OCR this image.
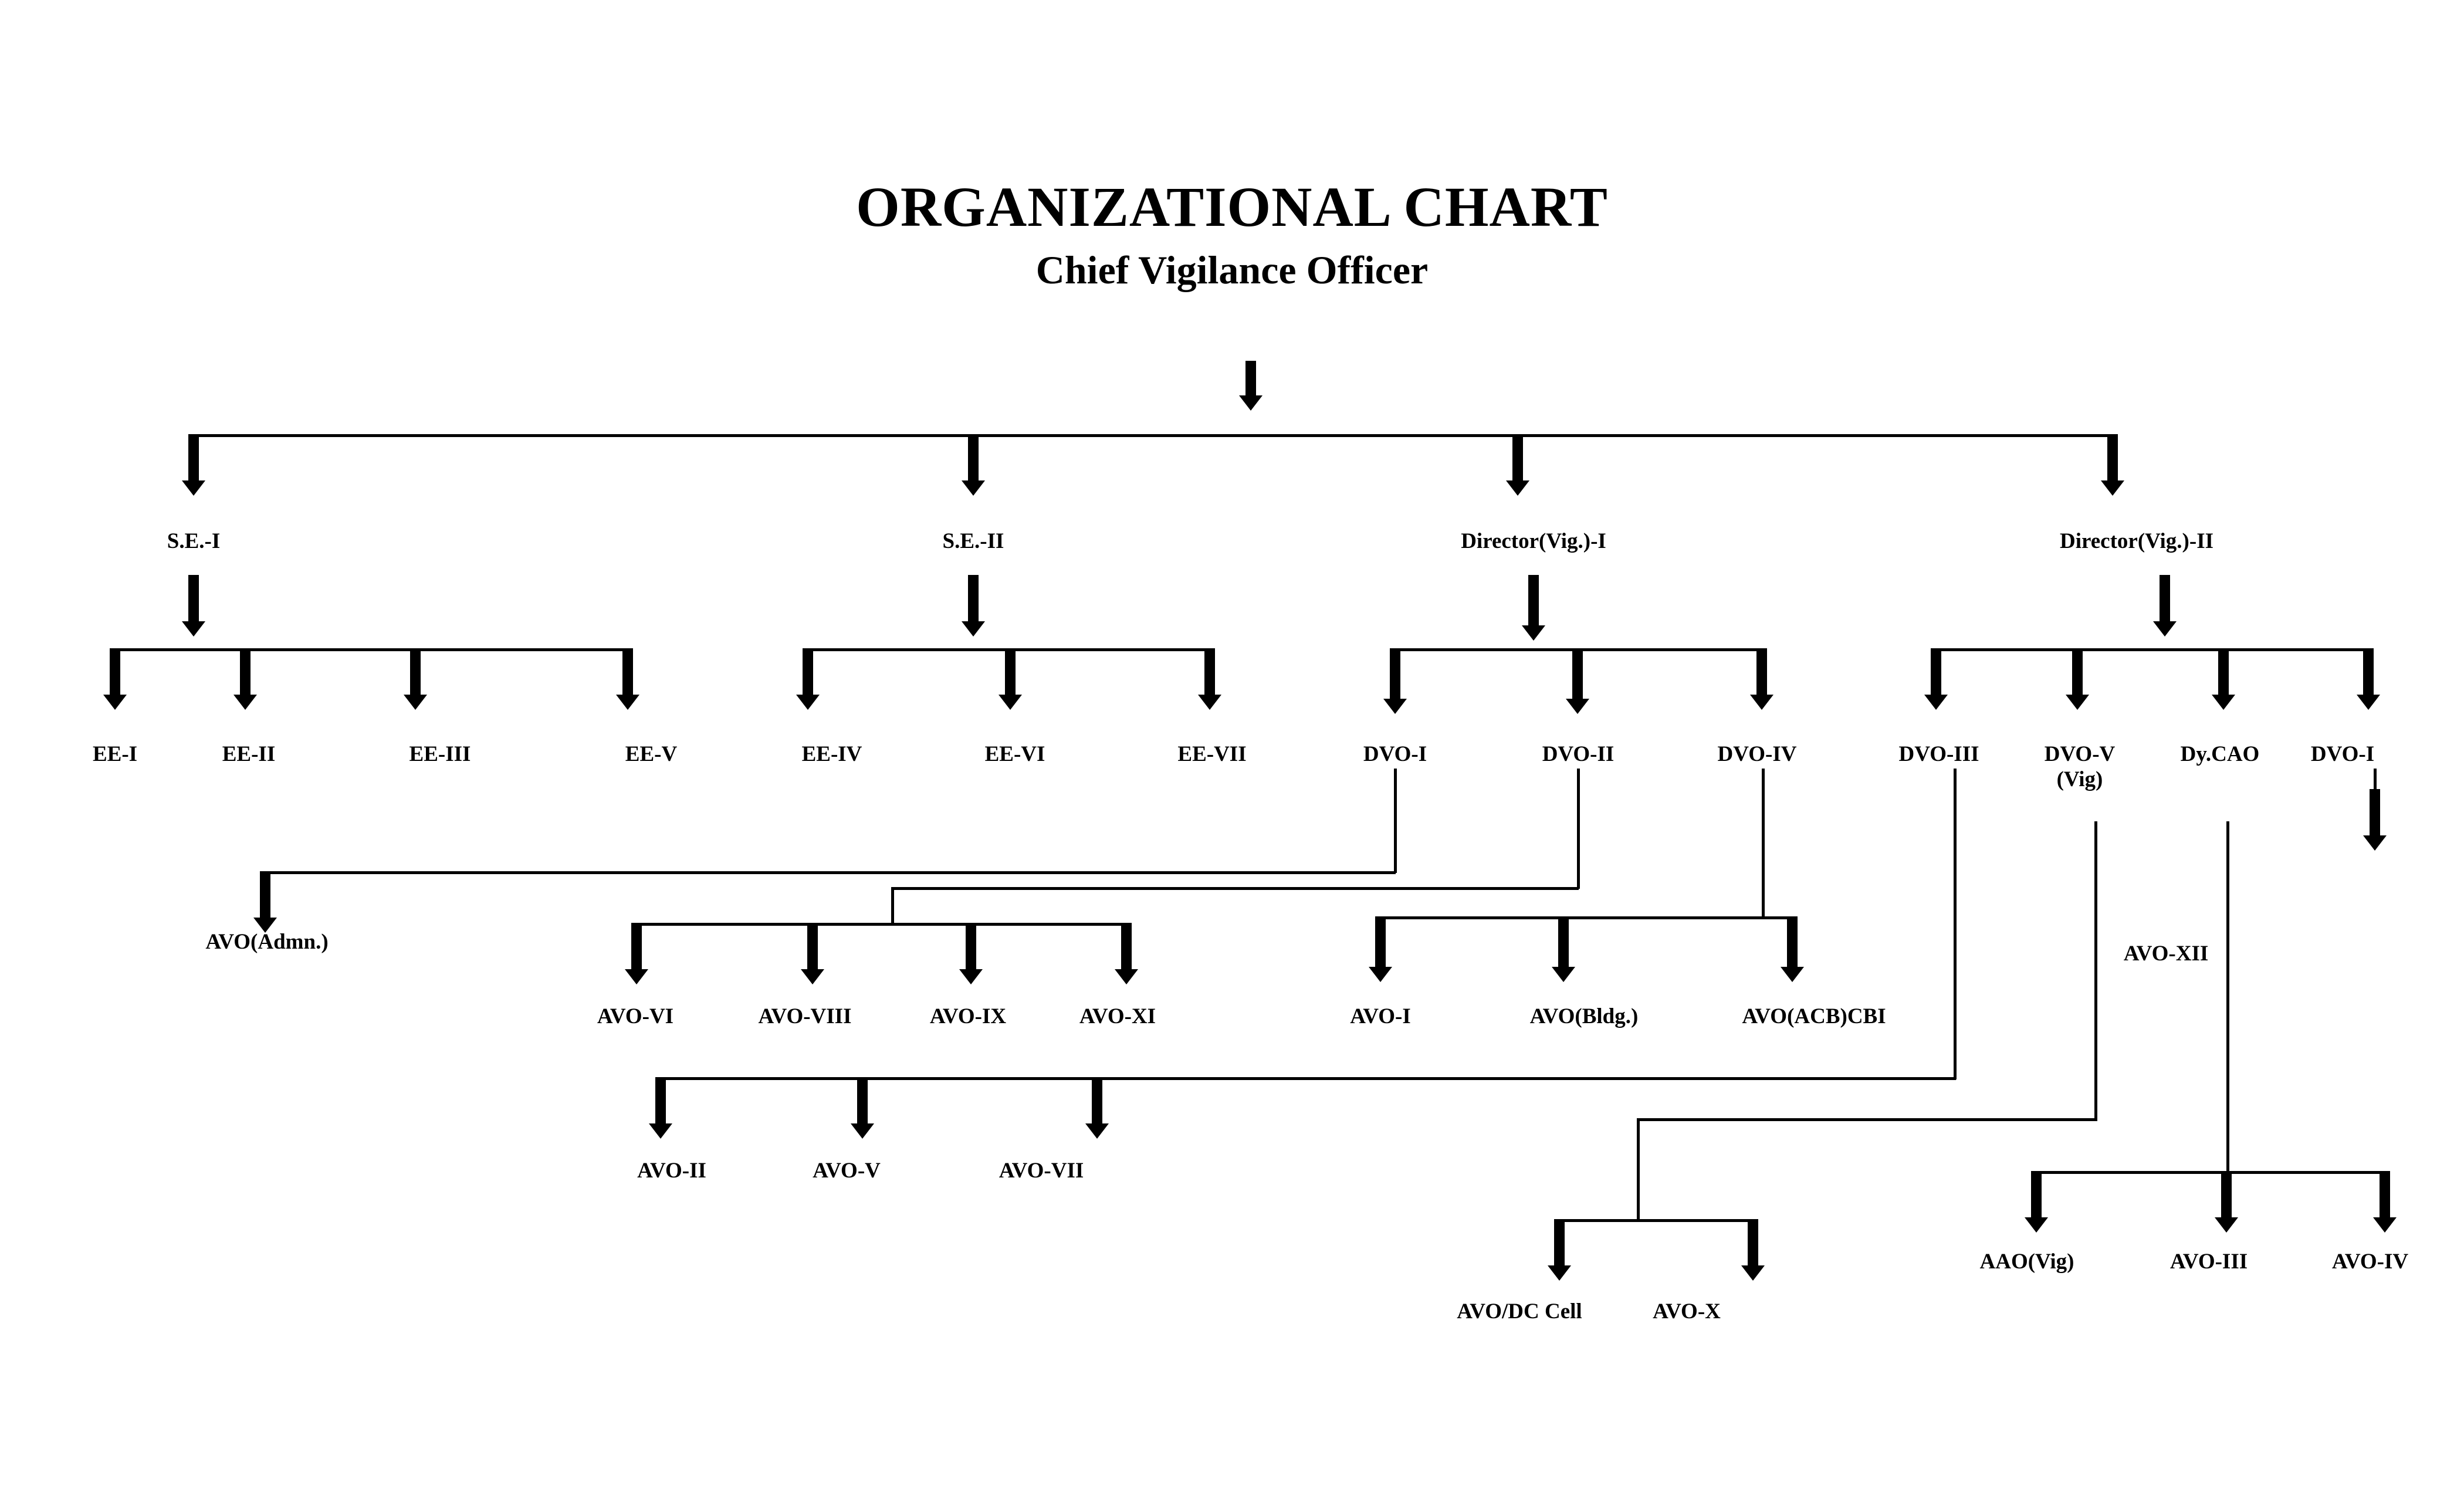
ORGANIZATIONAL CHART
Chief Vigilance Officer
S.E.-I	S.E.-II	Director(Vig.)-I	Director(Vig.)-II
EE-I	EE-II	EE-III	EE-V	EE-IV	EE-VI	EE-VII	DVO-I	DVO-II	DVO-IV	DVO-III	DVO-V
(Vig)
Dy.CAO DVO-I
AVO(Admn.)
AVO-VI	AVO-VIII	AVO-IX	AVO-XI	AVO-I	AVO(Bldg.)	AVO(ACB)CBI
AVO-XII
AVO-II	AVO-V	AVO-VII
AVO/DC Cell	AVO-X
AAO(Vig)	AVO-III	AVO-IV
